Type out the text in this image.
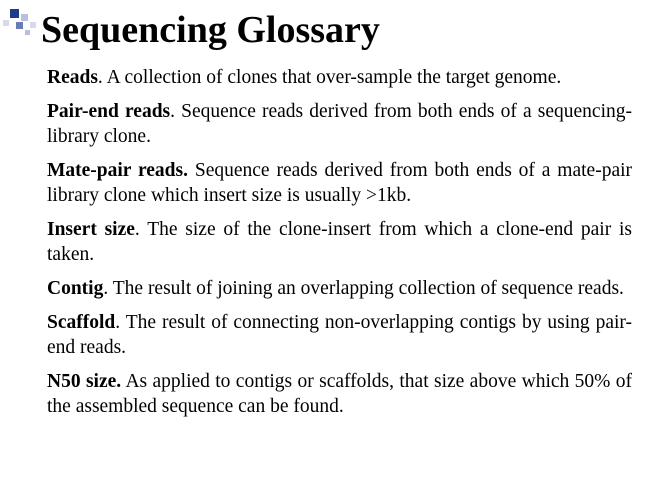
Sequencing Glossary

Reads. A collection of clones that over-sample the target genome.

Pair-end reads. Sequence reads derived from both ends of a sequencing-library clone.

Mate-pair reads. Sequence reads derived from both ends of a mate-pair library clone which insert size is usually >1kb.

Insert size. The size of the clone-insert from which a clone-end pair is taken.

Contig. The result of joining an overlapping collection of sequence reads.

Scaffold. The result of connecting non-overlapping contigs by using pair-end reads.

N50 size. As applied to contigs or scaffolds, that size above which 50% of the assembled sequence can be found.
